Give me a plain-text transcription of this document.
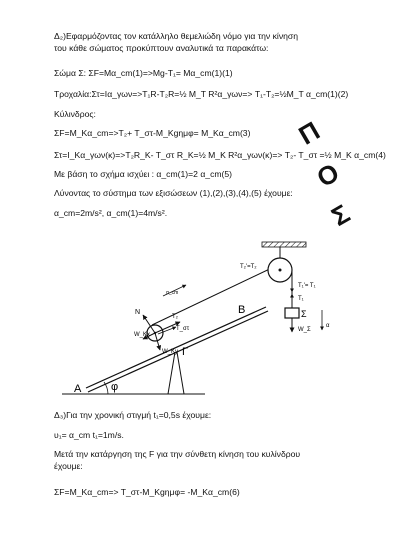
Δ₂)Εφαρμόζοντας τον κατάλληλο θεμελιώδη νόμο για την κίνηση
του κάθε σώματος προκύπτουν αναλυτικά τα παρακάτω:
Σώμα Σ: ΣF=Mα_cm(1)=>Mg-T₁= Mα_cm(1)(1)
Τροχαλία:Στ=Iα_γων=>T₁R-T₂R=½ M_T R²α_γων=> T₁-T₂=½M_T α_cm(1)(2)
Κύλινδρος:
ΣF=M_Kα_cm=>T₂+ T_στ-M_Kgημφ= M_Kα_cm(3)
Στ=I_Kα_γων(κ)=>T₂R_K- T_στ R_K=½ M_K R²α_γων(κ)=> T₂- T_στ =½ M_K α_cm(4)
Με βάση το σχήμα ισχύει : α_cm(1)=2 α_cm(5)
Λύνοντας το σύστημα των εξισώσεων (1),(2),(3),(4),(5) έχουμε:
α_cm=2m/s², α_cm(1)=4m/s².
Π
Ο
Σ
A	φ
B
Γ
N
T₂
T_στ
W_Kx
W_Ky
α_cm
T₂'=T₂
T₁'= T₁
T₁
Σ
W_Σ
α
Δ₃)Για την χρονική στιγμή t₁=0,5s έχουμε:
υ₁= α_cm t₁=1m/s.
Μετά την κατάργηση της F για την σύνθετη κίνηση του κυλίνδρου
έχουμε:
ΣF=M_Kα_cm=> T_στ-M_Kgημφ= -M_Kα_cm(6)
